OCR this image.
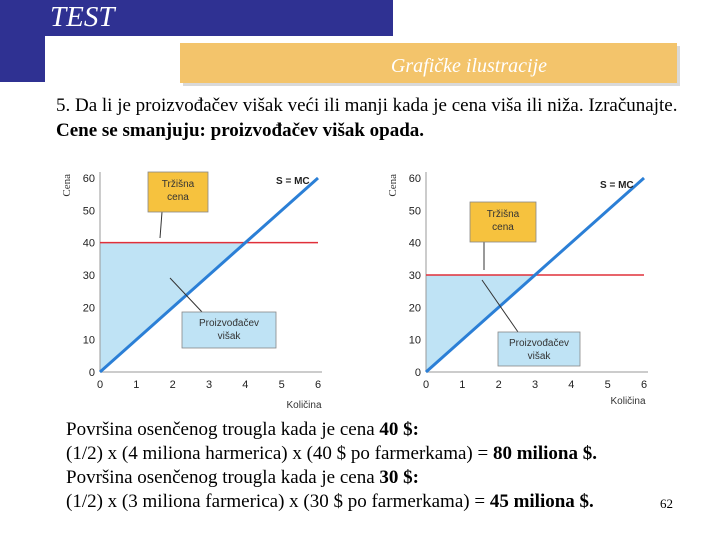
TEST
Grafičke ilustracije
5. Da li je proizvođačev višak veći ili manji kada je cena viša ili niža. Izračunajte. Cene se smanjuju: proizvođačev višak opada.
Cena
0
10
20
30
40
50
60
0	1	2	3	4	5	6
S = MC
Tržišna
cena
Proizvođačev
višak
Količina
Cena
0
10
20
30
40
50
60
0	1	2	3	4	5	6
S = MC
Tržišna
cena
Proizvođačev
višak
Količina

Površina osenčenog trougla kada je cena 40 $:

(1/2) x (4 miliona harmerica) x (40 $ po farmerkama) = 80 miliona $.

Površina osenčenog trougla kada je cena 30 $:

(1/2) x (3 miliona farmerica) x (30 $ po farmerkama) = 45 miliona $.	62
